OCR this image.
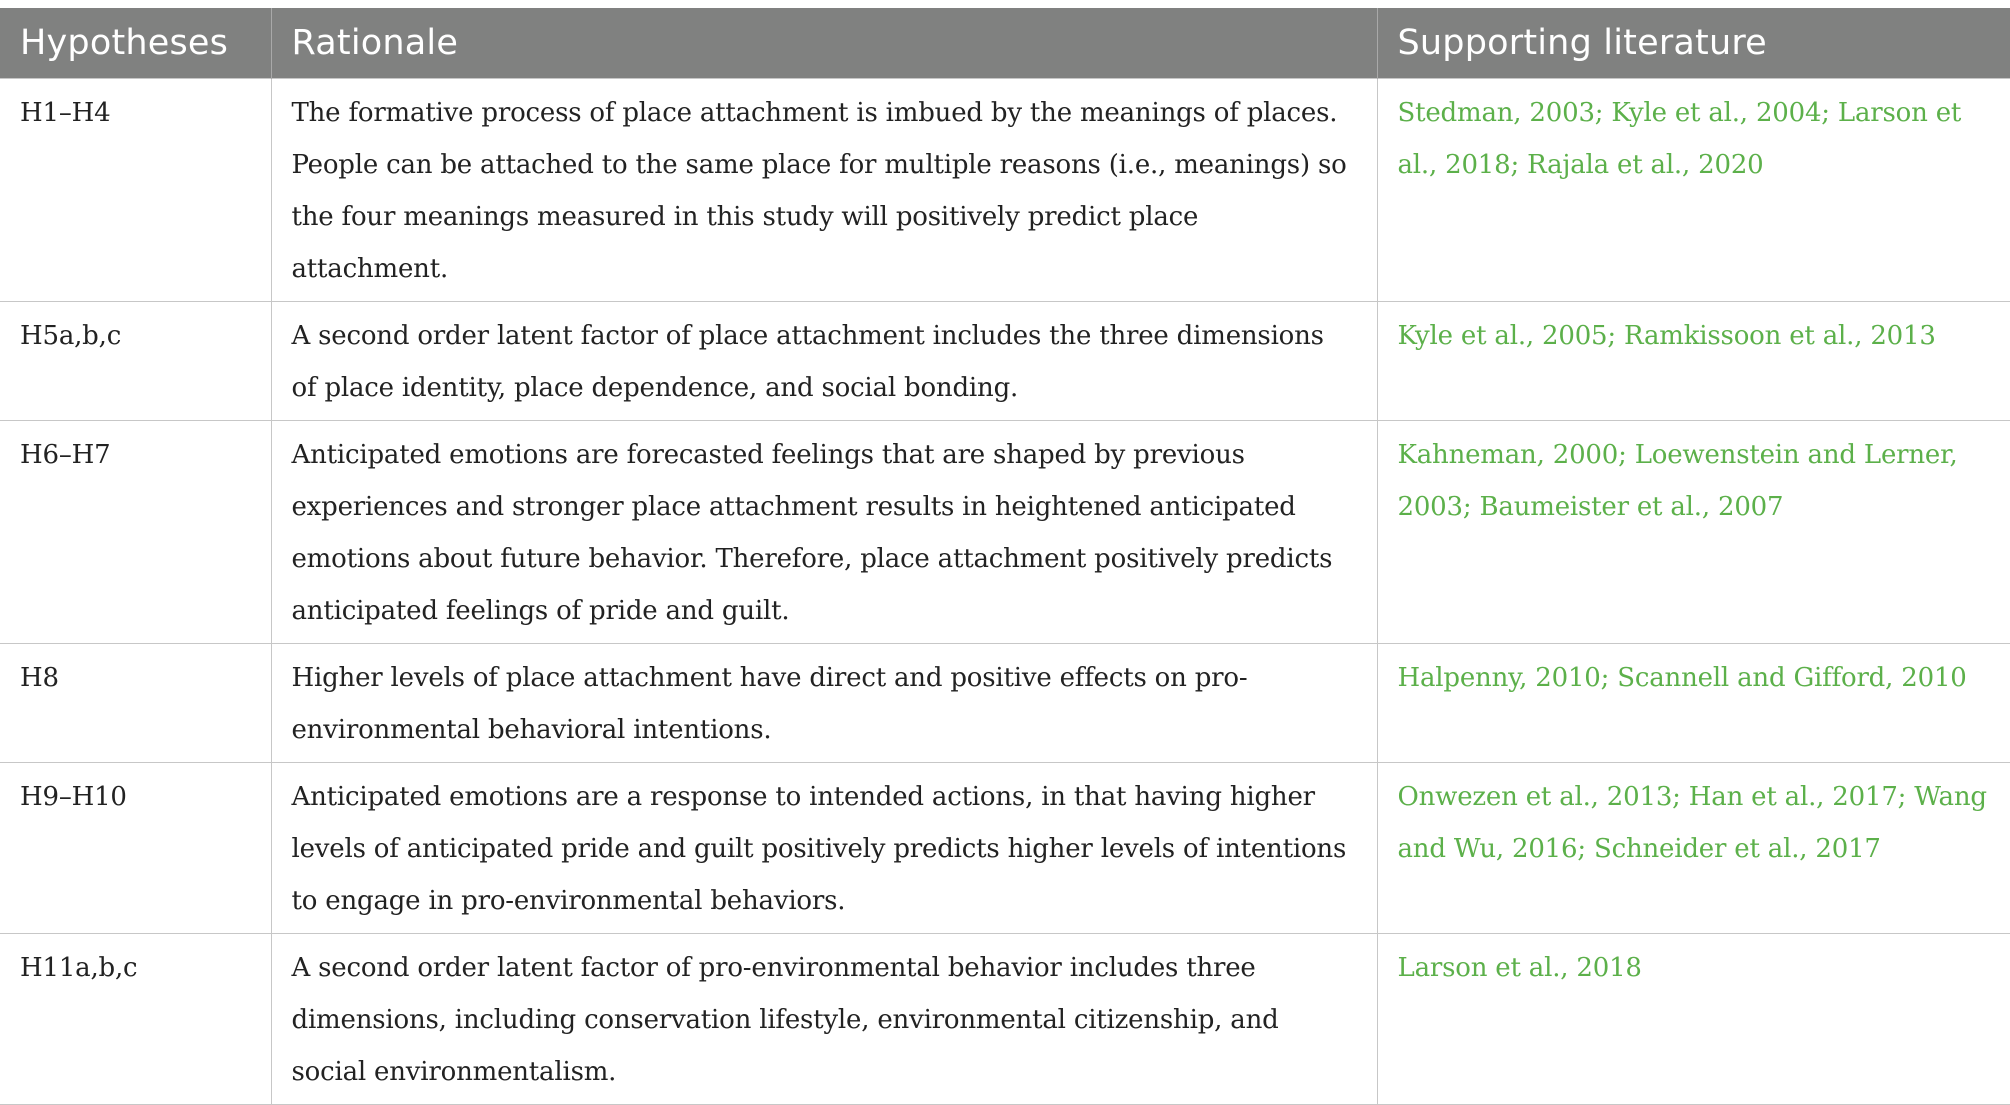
Hypotheses	Rationale	Supporting literature
H1–H4	The formative process of place attachment is imbued by the meanings of places. People can be attached to the same place for multiple reasons (i.e., meanings) so the four meanings measured in this study will positively predict place attachment.	Stedman, 2003; Kyle et al., 2004; Larson et al., 2018; Rajala et al., 2020
H5a,b,c	A second order latent factor of place attachment includes the three dimensions of place identity, place dependence, and social bonding.	Kyle et al., 2005; Ramkissoon et al., 2013
H6–H7	Anticipated emotions are forecasted feelings that are shaped by previous experiences and stronger place attachment results in heightened anticipated emotions about future behavior. Therefore, place attachment positively predicts anticipated feelings of pride and guilt.	Kahneman, 2000; Loewenstein and Lerner, 2003; Baumeister et al., 2007
H8	Higher levels of place attachment have direct and positive effects on pro-environmental behavioral intentions.	Halpenny, 2010; Scannell and Gifford, 2010
H9–H10	Anticipated emotions are a response to intended actions, in that having higher levels of anticipated pride and guilt positively predicts higher levels of intentions to engage in pro-environmental behaviors.	Onwezen et al., 2013; Han et al., 2017; Wang and Wu, 2016; Schneider et al., 2017
H11a,b,c	A second order latent factor of pro-environmental behavior includes three dimensions, including conservation lifestyle, environmental citizenship, and social environmentalism.	Larson et al., 2018
